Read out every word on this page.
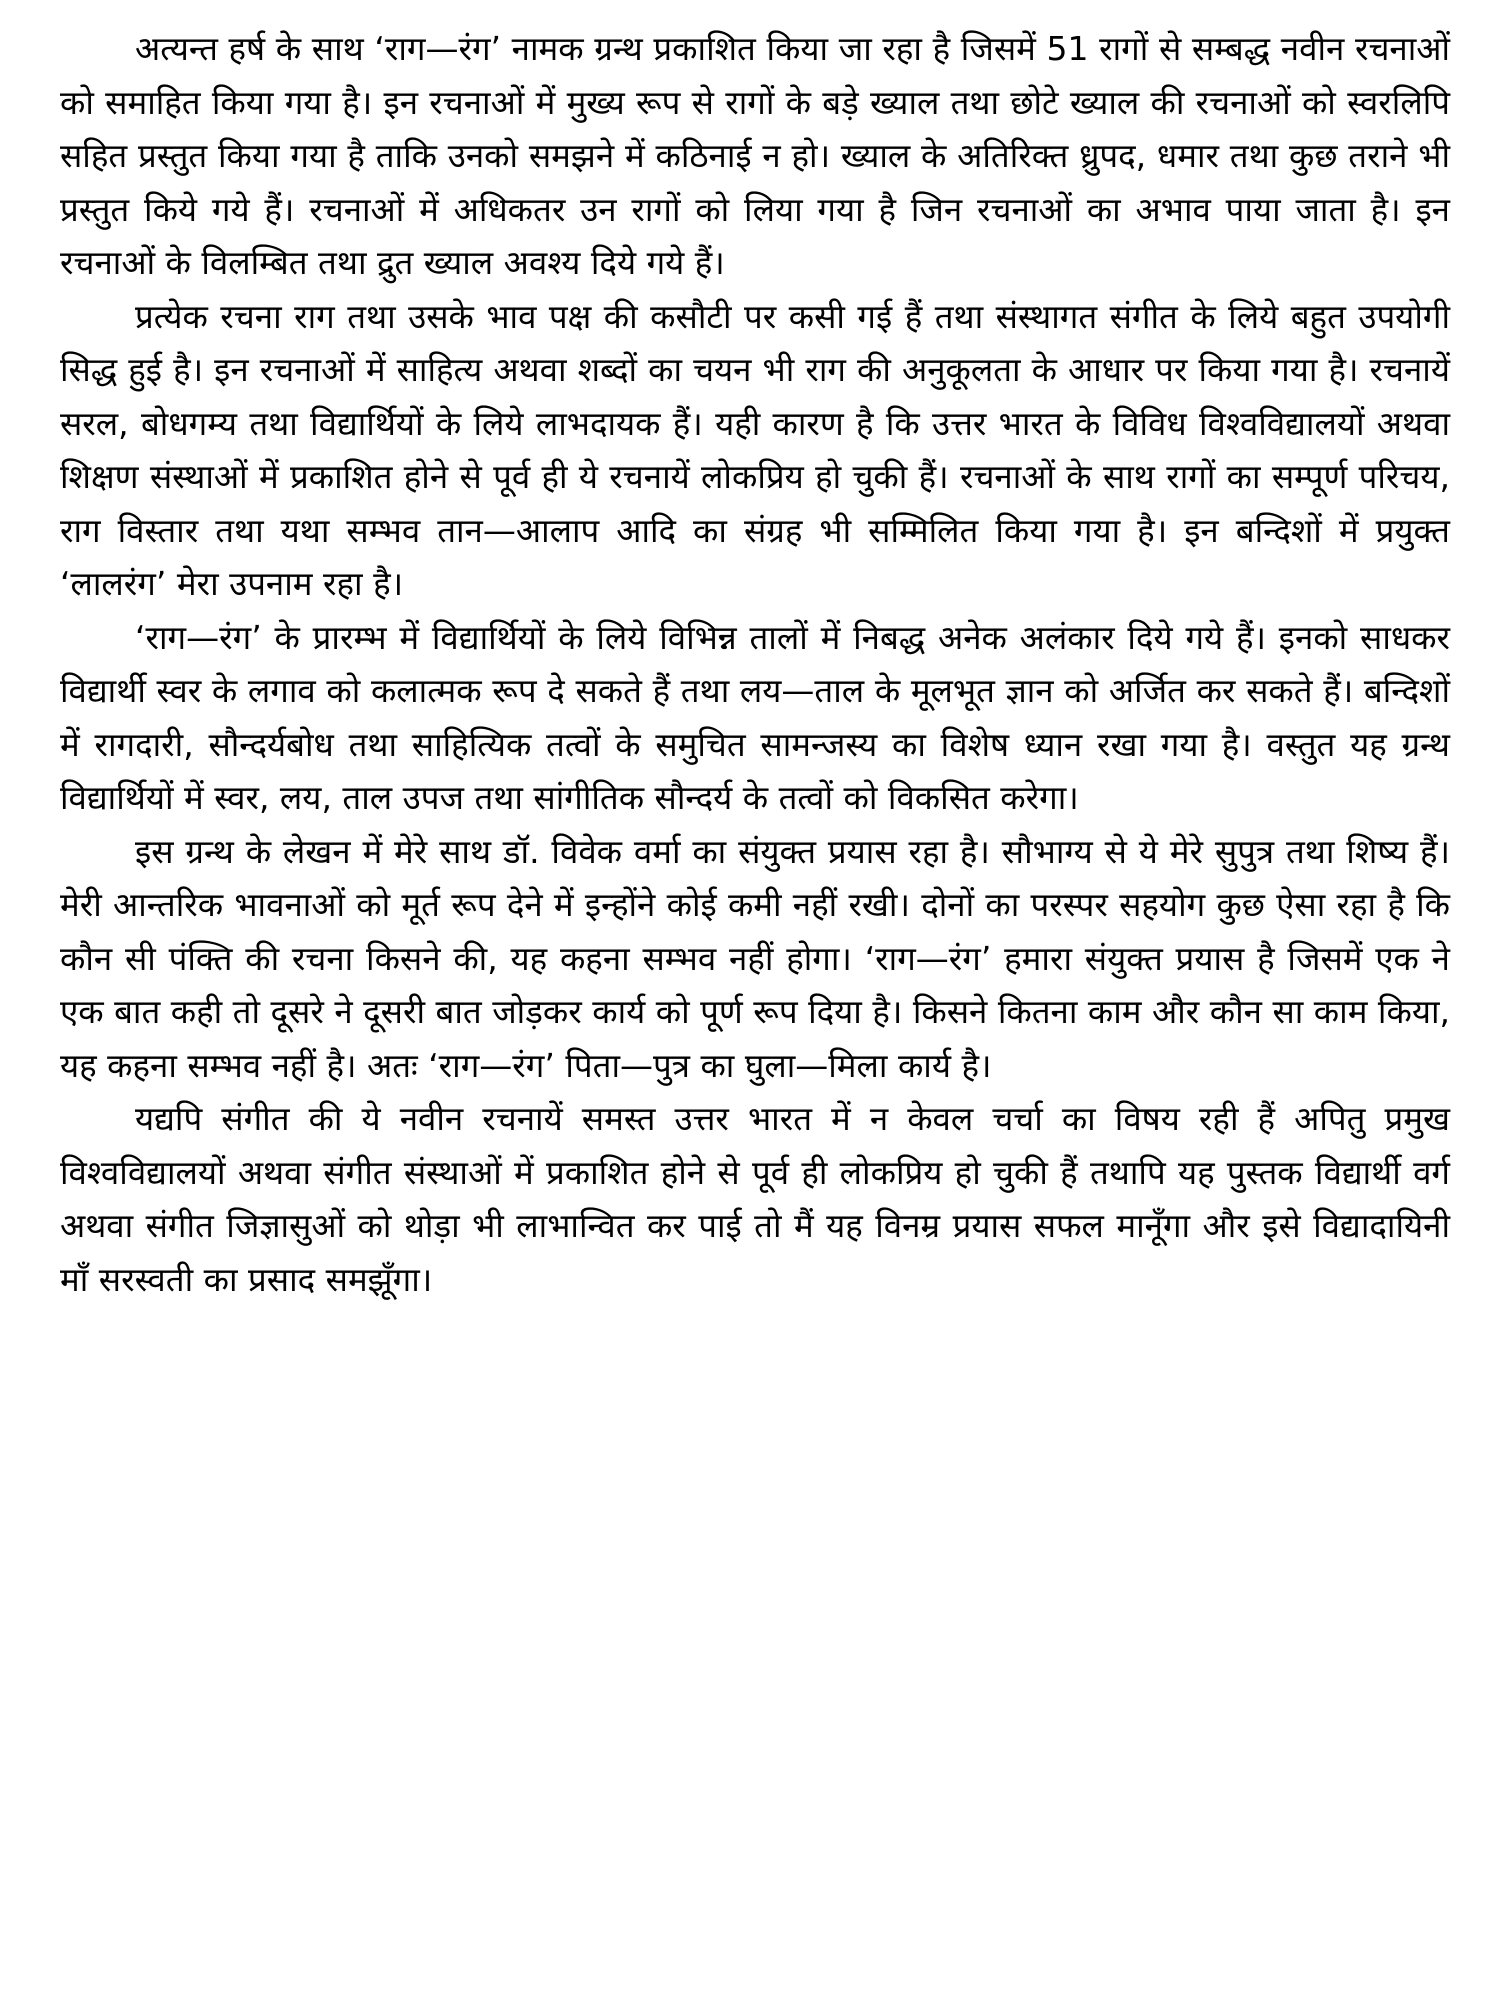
अत्यन्त हर्ष के साथ ‘राग—रंग’ नामक ग्रन्थ प्रकाशित किया जा रहा है जिसमें 51 रागों से सम्बद्ध नवीन रचनाओं को समाहित किया गया है। इन रचनाओं में मुख्य रूप से रागों के बड़े ख्याल तथा छोटे ख्याल की रचनाओं को स्वरलिपि सहित प्रस्तुत किया गया है ताकि उनको समझने में कठिनाई न हो। ख्याल के अतिरिक्त ध्रुपद, धमार तथा कुछ तराने भी प्रस्तुत किये गये हैं। रचनाओं में अधिकतर उन रागों को लिया गया है जिन रचनाओं का अभाव पाया जाता है। इन रचनाओं के विलम्बित तथा द्रुत ख्याल अवश्य दिये गये हैं।

प्रत्येक रचना राग तथा उसके भाव पक्ष की कसौटी पर कसी गई हैं तथा संस्थागत संगीत के लिये बहुत उपयोगी सिद्ध हुई है। इन रचनाओं में साहित्य अथवा शब्दों का चयन भी राग की अनुकूलता के आधार पर किया गया है। रचनायें सरल, बोधगम्य तथा विद्यार्थियों के लिये लाभदायक हैं। यही कारण है कि उत्तर भारत के विविध विश्वविद्यालयों अथवा शिक्षण संस्थाओं में प्रकाशित होने से पूर्व ही ये रचनायें लोकप्रिय हो चुकी हैं। रचनाओं के साथ रागों का सम्पूर्ण परिचय, राग विस्तार तथा यथा सम्भव तान—आलाप आदि का संग्रह भी सम्मिलित किया गया है। इन बन्दिशों में प्रयुक्त ‘लालरंग’ मेरा उपनाम रहा है।

‘राग—रंग’ के प्रारम्भ में विद्यार्थियों के लिये विभिन्न तालों में निबद्ध अनेक अलंकार दिये गये हैं। इनको साधकर विद्यार्थी स्वर के लगाव को कलात्मक रूप दे सकते हैं तथा लय—ताल के मूलभूत ज्ञान को अर्जित कर सकते हैं। बन्दिशों में रागदारी, सौन्दर्यबोध तथा साहित्यिक तत्वों के समुचित सामन्जस्य का विशेष ध्यान रखा गया है। वस्तुत यह ग्रन्थ विद्यार्थियों में स्वर, लय, ताल उपज तथा सांगीतिक सौन्दर्य के तत्वों को विकसित करेगा।

इस ग्रन्थ के लेखन में मेरे साथ डॉ. विवेक वर्मा का संयुक्त प्रयास रहा है। सौभाग्य से ये मेरे सुपुत्र तथा शिष्य हैं। मेरी आन्तरिक भावनाओं को मूर्त रूप देने में इन्होंने कोई कमी नहीं रखी। दोनों का परस्पर सहयोग कुछ ऐसा रहा है कि कौन सी पंक्ति की रचना किसने की, यह कहना सम्भव नहीं होगा। ‘राग—रंग’ हमारा संयुक्त प्रयास है जिसमें एक ने एक बात कही तो दूसरे ने दूसरी बात जोड़कर कार्य को पूर्ण रूप दिया है। किसने कितना काम और कौन सा काम किया, यह कहना सम्भव नहीं है। अतः ‘राग—रंग’ पिता—पुत्र का घुला—मिला कार्य है।

यद्यपि संगीत की ये नवीन रचनायें समस्त उत्तर भारत में न केवल चर्चा का विषय रही हैं अपितु प्रमुख विश्वविद्यालयों अथवा संगीत संस्थाओं में प्रकाशित होने से पूर्व ही लोकप्रिय हो चुकी हैं तथापि यह पुस्तक विद्यार्थी वर्ग अथवा संगीत जिज्ञासुओं को थोड़ा भी लाभान्वित कर पाई तो मैं यह विनम्र प्रयास सफल मानूँगा और इसे विद्यादायिनी माँ सरस्वती का प्रसाद समझूँगा।
